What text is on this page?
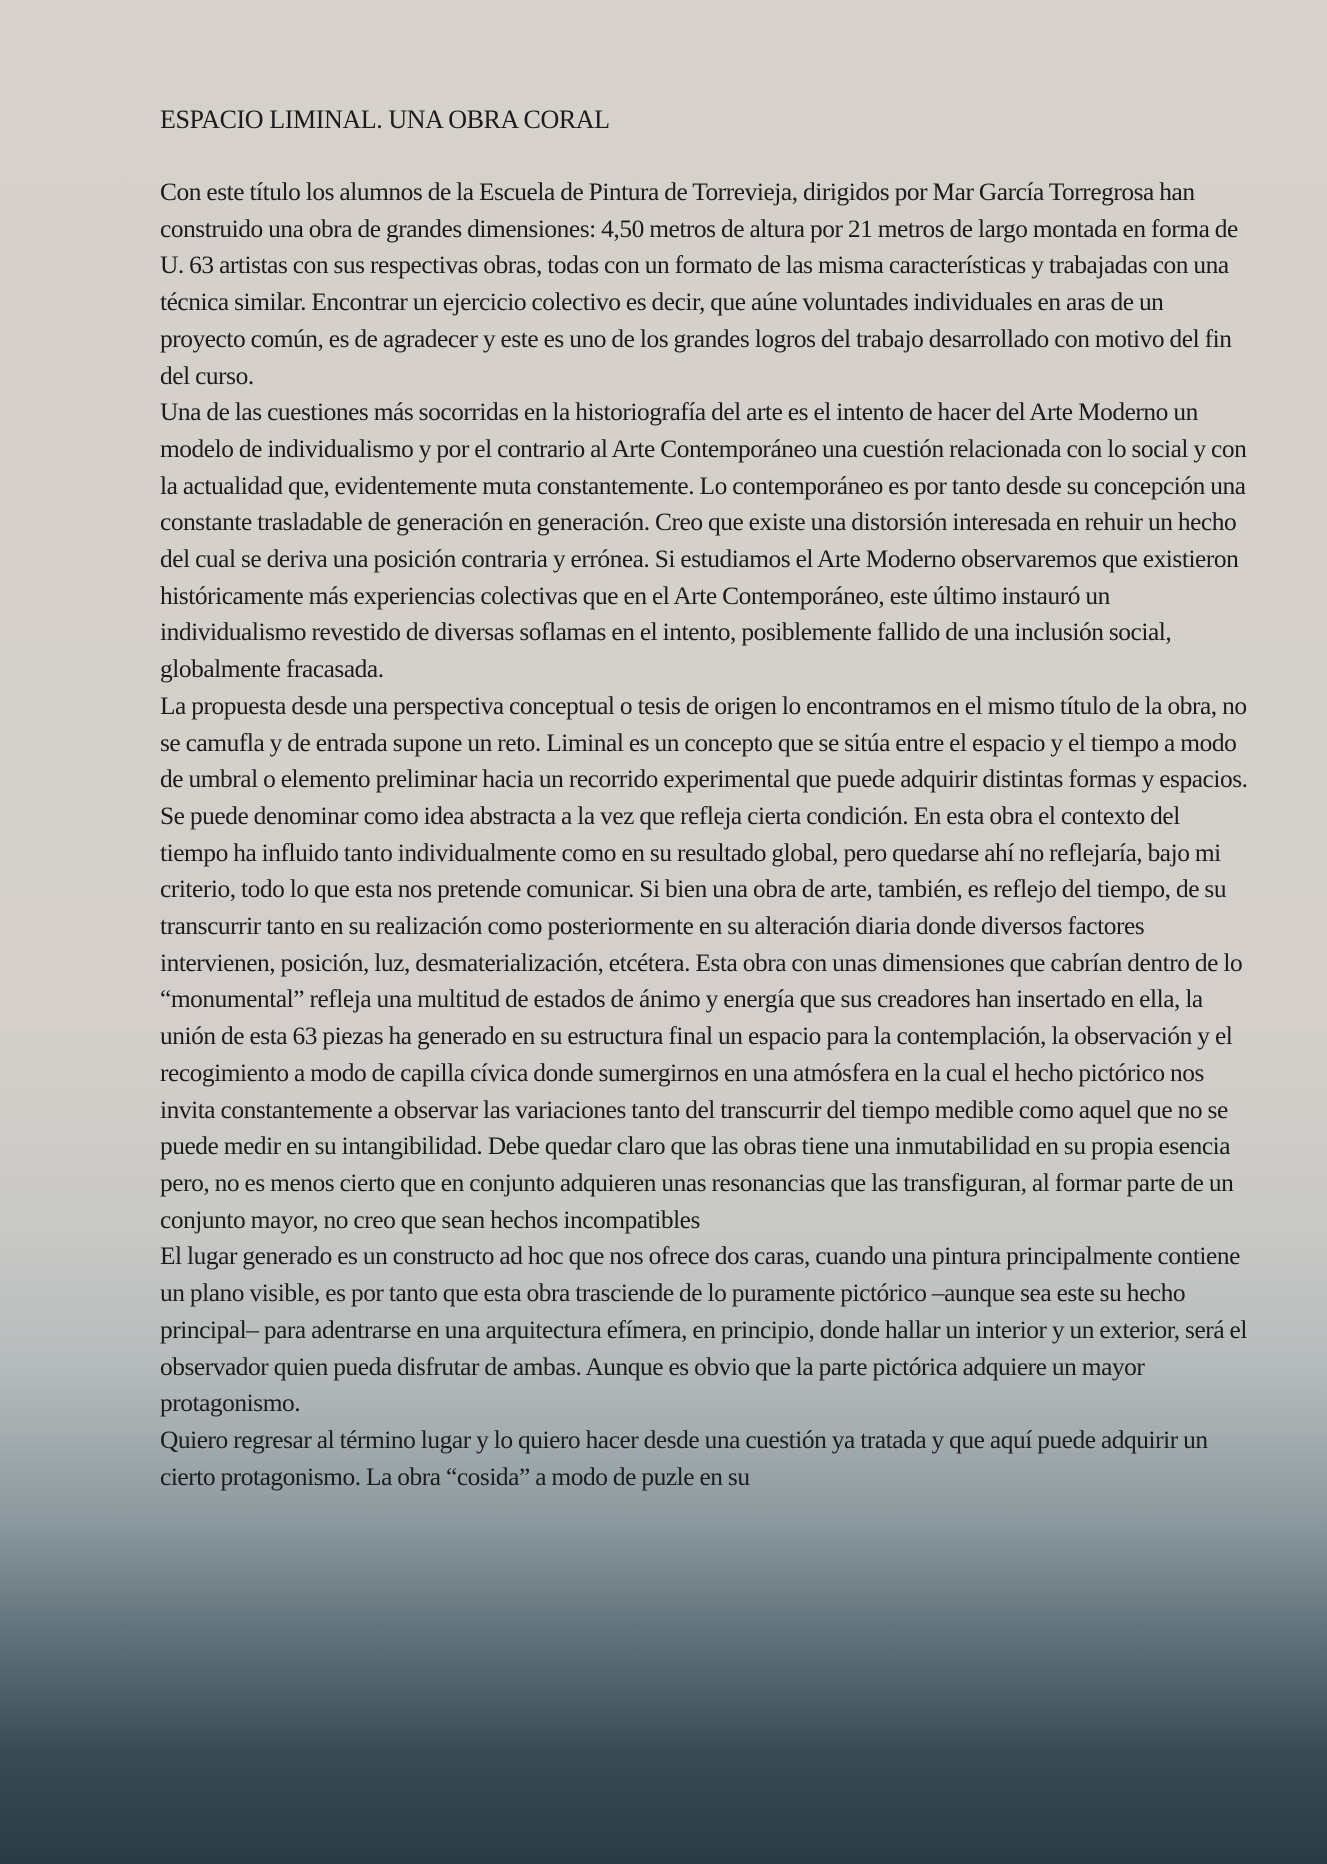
ESPACIO LIMINAL. UNA OBRA CORAL

Con este título los alumnos de la Escuela de Pintura de Torrevieja, dirigidos por Mar García Torregrosa han construido una obra de grandes dimensiones: 4,50 metros de altura por 21 metros de largo montada en forma de U. 63 artistas con sus respectivas obras, todas con un formato de las misma características y trabajadas con una técnica similar. Encontrar un ejercicio colectivo es decir, que aúne voluntades individuales en aras de un proyecto común, es de agradecer y este es uno de los grandes logros del trabajo desarrollado con motivo del fin del curso.

Una de las cuestiones más socorridas en la historiografía del arte es el intento de hacer del Arte Moderno un modelo de individualismo y por el contrario al Arte Contemporáneo una cuestión relacionada con lo social y con la actualidad que, evidentemente muta constantemente. Lo contemporáneo es por tanto desde su concepción una constante trasladable de generación en generación. Creo que existe una distorsión interesada en rehuir un hecho del cual se deriva una posición contraria y errónea. Si estudiamos el Arte Moderno observaremos que existieron históricamente más experiencias colectivas que en el Arte Contemporáneo, este último instauró un individualismo revestido de diversas soflamas en el intento, posiblemente fallido de una inclusión social, globalmente fracasada.

La propuesta desde una perspectiva conceptual o tesis de origen lo encontramos en el mismo título de la obra, no se camufla y de entrada supone un reto. Liminal es un concepto que se sitúa entre el espacio y el tiempo a modo de umbral o elemento preliminar hacia un recorrido experimental que puede adquirir distintas formas y espacios. Se puede denominar como idea abstracta a la vez que refleja cierta condición. En esta obra el contexto del tiempo ha influido tanto individualmente como en su resultado global, pero quedarse ahí no reflejaría, bajo mi criterio, todo lo que esta nos pretende comunicar. Si bien una obra de arte, también, es reflejo del tiempo, de su transcurrir tanto en su realización como posteriormente en su alteración diaria donde diversos factores intervienen, posición, luz, desmaterialización, etcétera. Esta obra con unas dimensiones que cabrían dentro de lo “monumental” refleja una multitud de estados de ánimo y energía que sus creadores han insertado en ella, la unión de esta 63 piezas ha generado en su estructura final un espacio para la contemplación, la observación y el recogimiento a modo de capilla cívica donde sumergirnos en una atmósfera en la cual el hecho pictórico nos invita constantemente a observar las variaciones tanto del transcurrir del tiempo medible como aquel que no se puede medir en su intangibilidad. Debe quedar claro que las obras tiene una inmutabilidad en su propia esencia pero, no es menos cierto que en conjunto adquieren unas resonancias que las transfiguran, al formar parte de un conjunto mayor, no creo que sean hechos incompatibles

El lugar generado es un constructo ad hoc que nos ofrece dos caras, cuando una pintura principalmente contiene un plano visible, es por tanto que esta obra trasciende de lo puramente pictórico –aunque sea este su hecho principal– para adentrarse en una arquitectura efímera, en principio, donde hallar un interior y un exterior, será el observador quien pueda disfrutar de ambas. Aunque es obvio que la parte pictórica adquiere un mayor protagonismo.

Quiero regresar al término lugar y lo quiero hacer desde una cuestión ya tratada y que aquí puede adquirir un cierto protagonismo. La obra “cosida” a modo de puzle en su
